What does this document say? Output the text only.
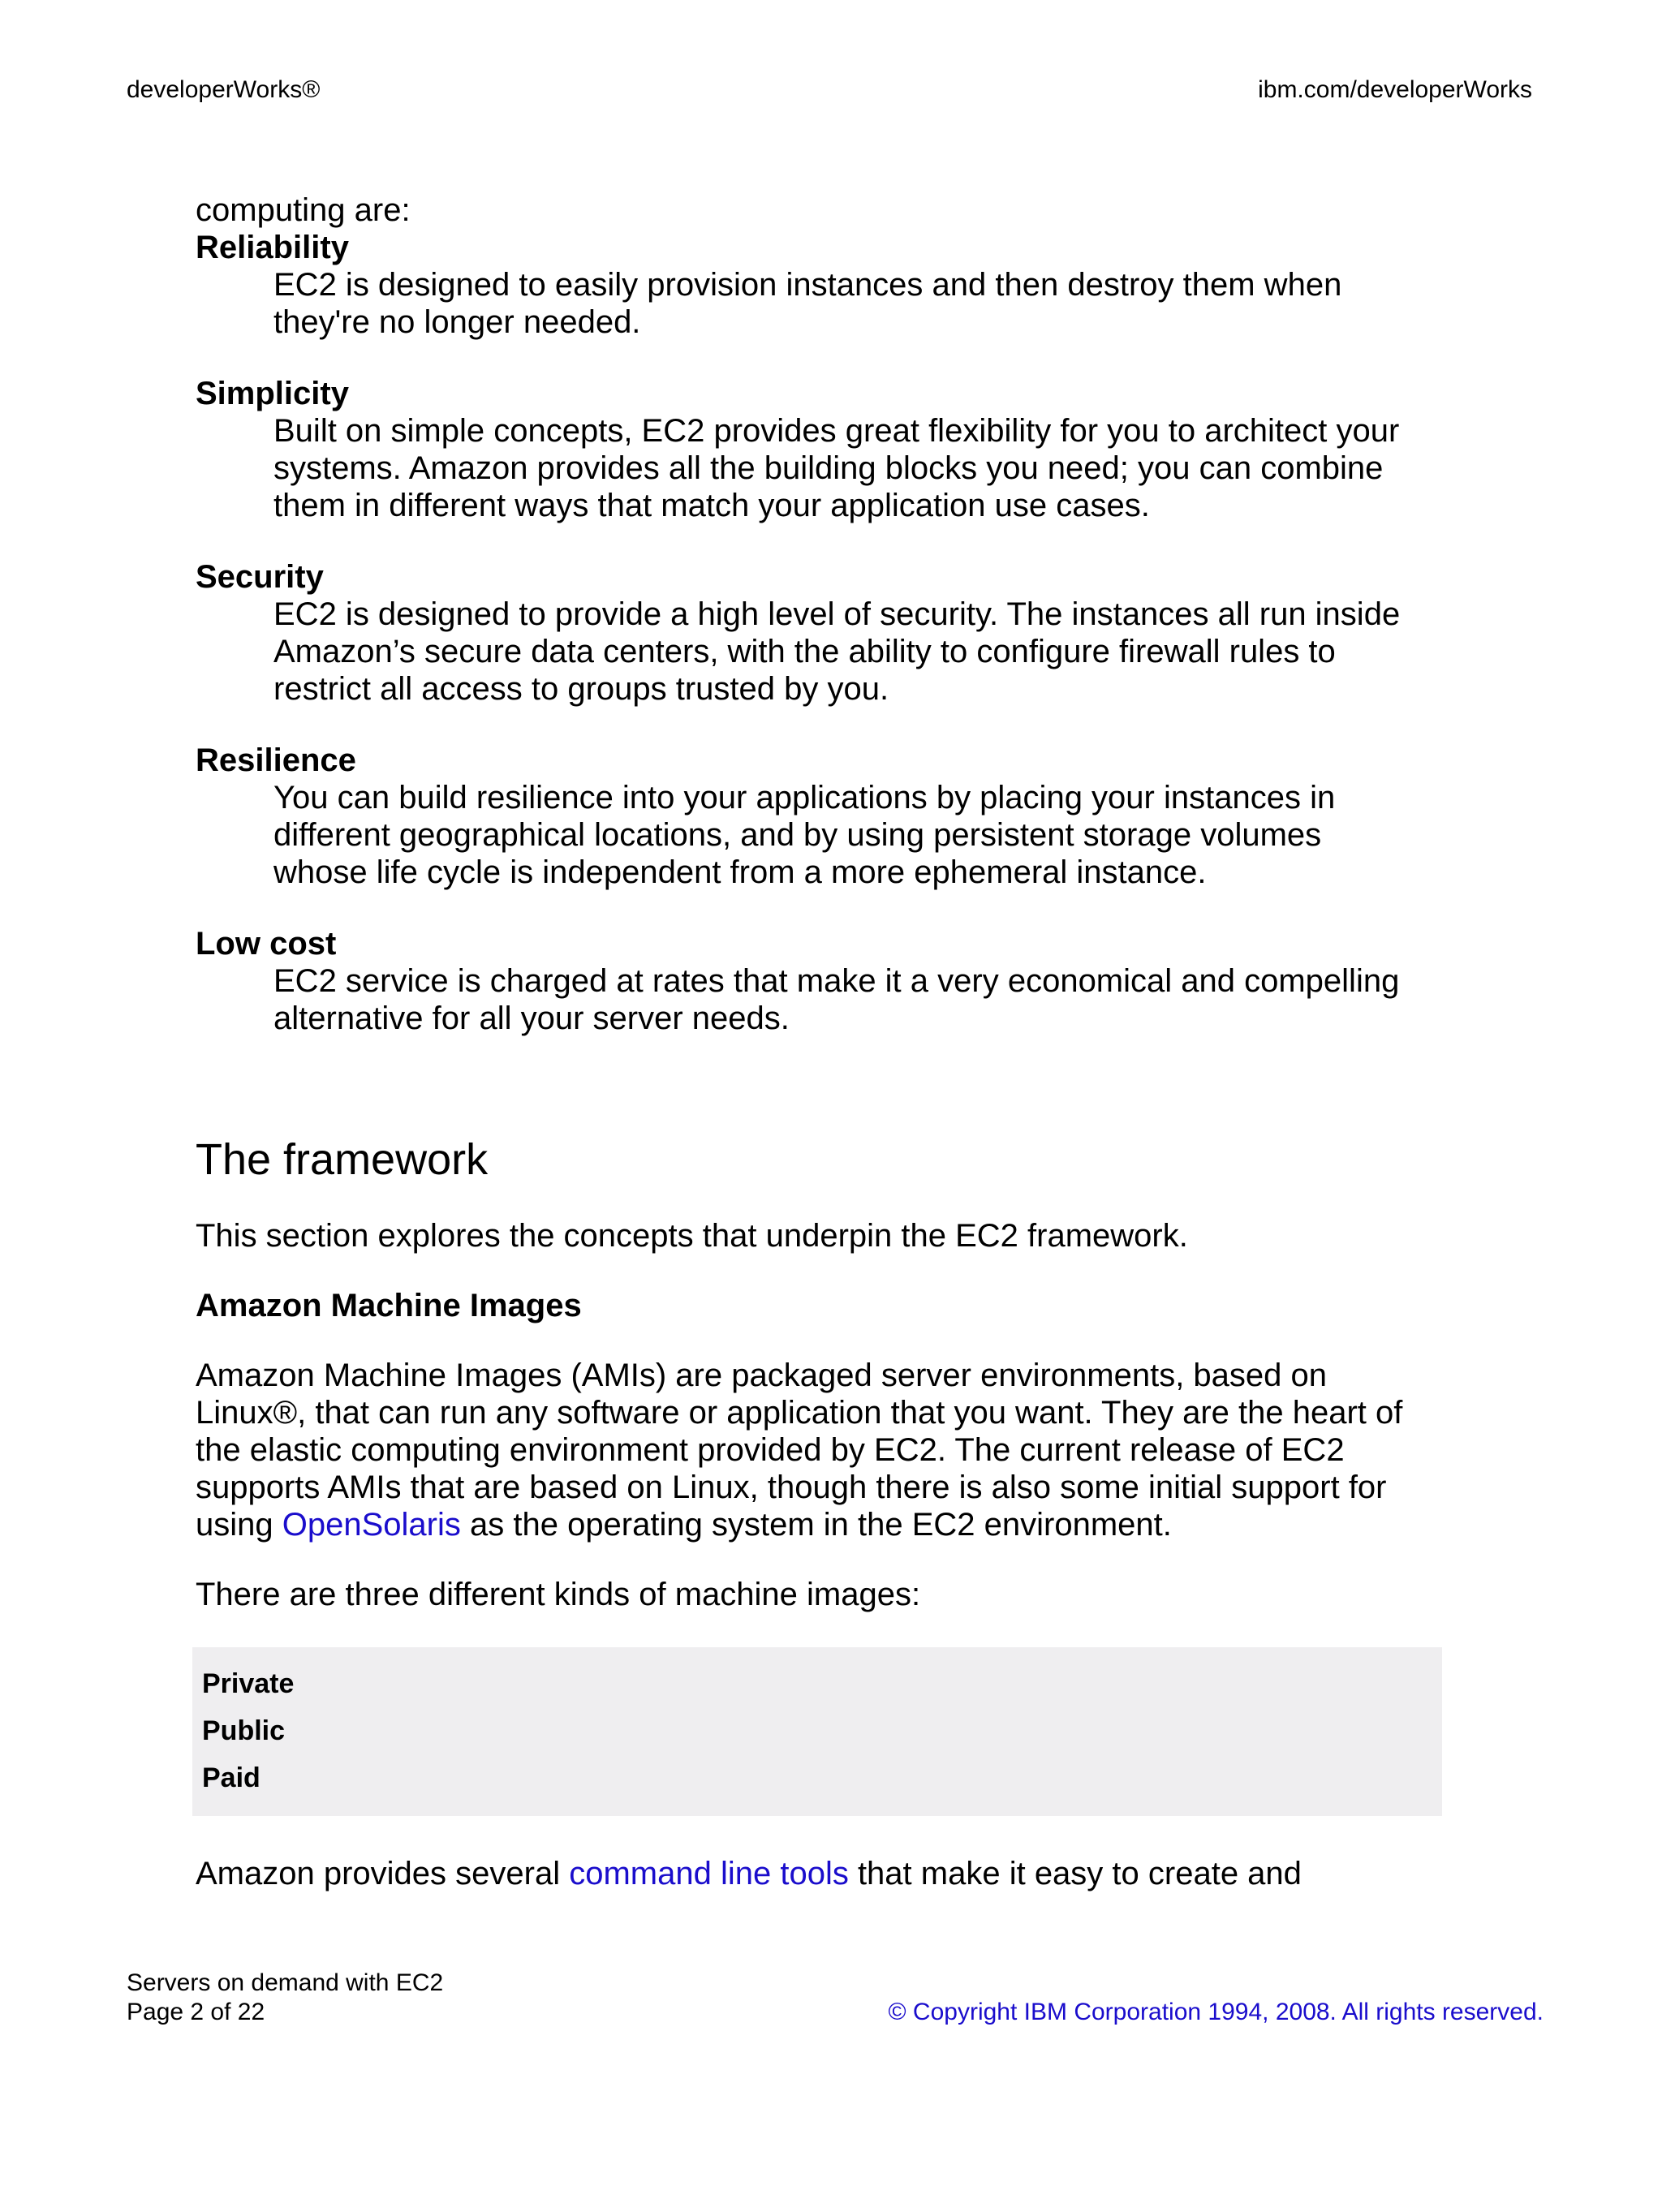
developerWorks®	ibm.com/developerWorks
computing are:
Reliability
EC2 is designed to easily provision instances and then destroy them when
they're no longer needed.
Simplicity
Built on simple concepts, EC2 provides great flexibility for you to architect your
systems. Amazon provides all the building blocks you need; you can combine
them in different ways that match your application use cases.
Security
EC2 is designed to provide a high level of security. The instances all run inside
Amazon’s secure data centers, with the ability to configure firewall rules to
restrict all access to groups trusted by you.
Resilience
You can build resilience into your applications by placing your instances in
different geographical locations, and by using persistent storage volumes
whose life cycle is independent from a more ephemeral instance.
Low cost
EC2 service is charged at rates that make it a very economical and compelling
alternative for all your server needs.
The framework
This section explores the concepts that underpin the EC2 framework.
Amazon Machine Images
Amazon Machine Images (AMIs) are packaged server environments, based on
Linux®, that can run any software or application that you want. They are the heart of
the elastic computing environment provided by EC2. The current release of EC2
supports AMIs that are based on Linux, though there is also some initial support for
using OpenSolaris as the operating system in the EC2 environment.
There are three different kinds of machine images:
Private
Public
Paid
Amazon provides several command line tools that make it easy to create and
Servers on demand with EC2
Page 2 of 22	© Copyright IBM Corporation 1994, 2008. All rights reserved.
